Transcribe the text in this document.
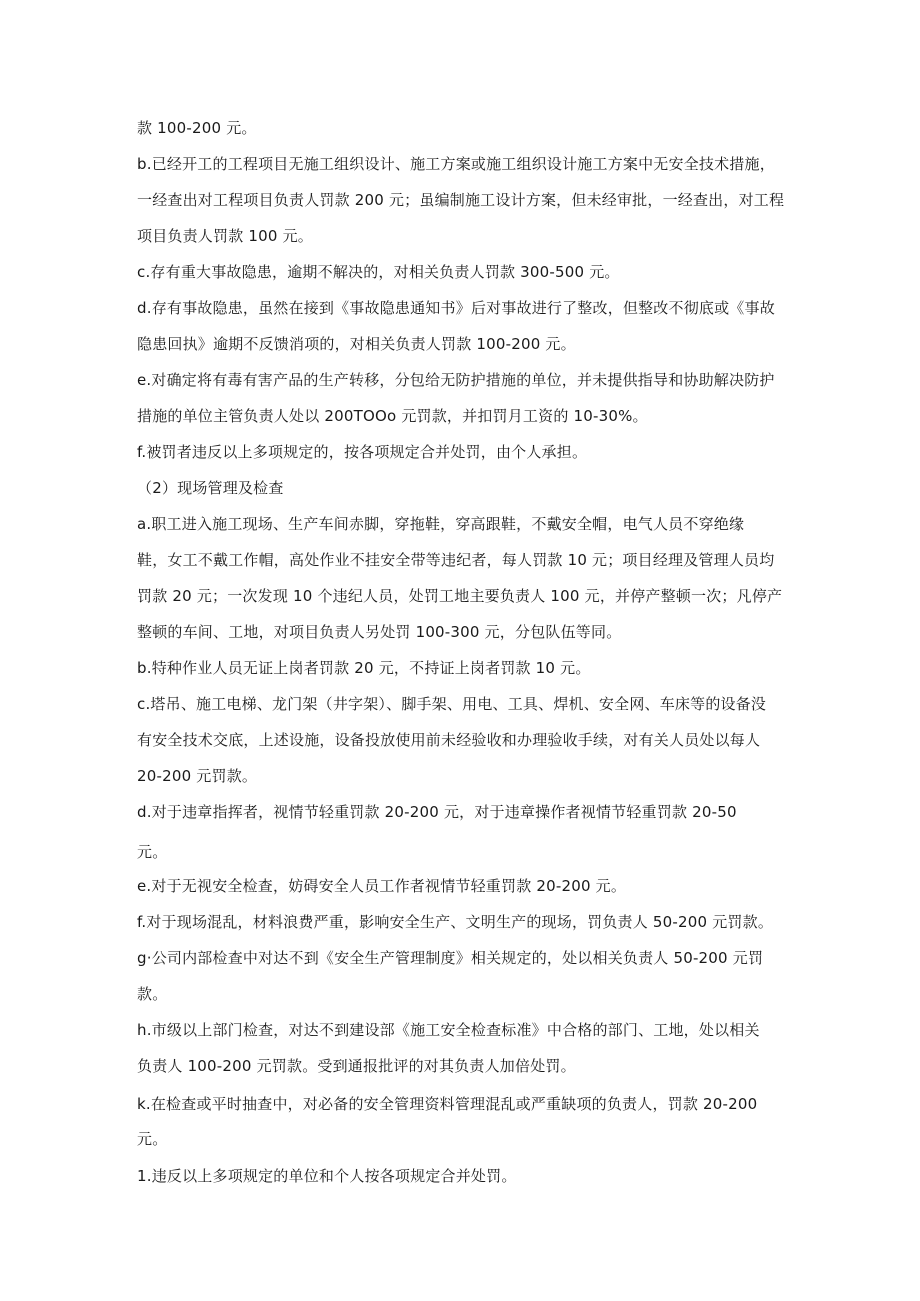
款 100-200 元。
b.已经开工的工程项目无施工组织设计、施工方案或施工组织设计施工方案中无安全技术措施，
一经查出对工程项目负责人罚款 200 元；虽编制施工设计方案，但未经审批，一经查出，对工程
项目负责人罚款 100 元。
c.存有重大事故隐患，逾期不解决的，对相关负责人罚款 300-500 元。
d.存有事故隐患，虽然在接到《事故隐患通知书》后对事故进行了整改，但整改不彻底或《事故
隐患回执》逾期不反馈消项的，对相关负责人罚款 100-200 元。
e.对确定将有毒有害产品的生产转移，分包给无防护措施的单位，并未提供指导和协助解决防护
措施的单位主管负责人处以 200TOOo 元罚款，并扣罚月工资的 10-30%。
f.被罚者违反以上多项规定的，按各项规定合并处罚，由个人承担。
（2）现场管理及检查
a.职工进入施工现场、生产车间赤脚，穿拖鞋，穿高跟鞋，不戴安全帽，电气人员不穿绝缘
鞋，女工不戴工作帽，高处作业不挂安全带等违纪者，每人罚款 10 元；项目经理及管理人员均
罚款 20 元；一次发现 10 个违纪人员，处罚工地主要负责人 100 元，并停产整顿一次；凡停产
整顿的车间、工地，对项目负责人另处罚 100-300 元，分包队伍等同。
b.特种作业人员无证上岗者罚款 20 元，不持证上岗者罚款 10 元。
c.塔吊、施工电梯、龙门架（井字架）、脚手架、用电、工具、焊机、安全网、车床等的设备没
有安全技术交底，上述设施，设备投放使用前未经验收和办理验收手续，对有关人员处以每人
20-200 元罚款。
d.对于违章指挥者，视情节轻重罚款 20-200 元，对于违章操作者视情节轻重罚款 20-50
元。
e.对于无视安全检查，妨碍安全人员工作者视情节轻重罚款 20-200 元。
f.对于现场混乱，材料浪费严重，影响安全生产、文明生产的现场，罚负责人 50-200 元罚款。
g·公司内部检查中对达不到《安全生产管理制度》相关规定的，处以相关负责人 50-200 元罚
款。
h.市级以上部门检查，对达不到建设部《施工安全检查标准》中合格的部门、工地，处以相关
负责人 100-200 元罚款。受到通报批评的对其负责人加倍处罚。
k.在检查或平时抽查中，对必备的安全管理资料管理混乱或严重缺项的负责人，罚款 20-200
元。
1.违反以上多项规定的单位和个人按各项规定合并处罚。
